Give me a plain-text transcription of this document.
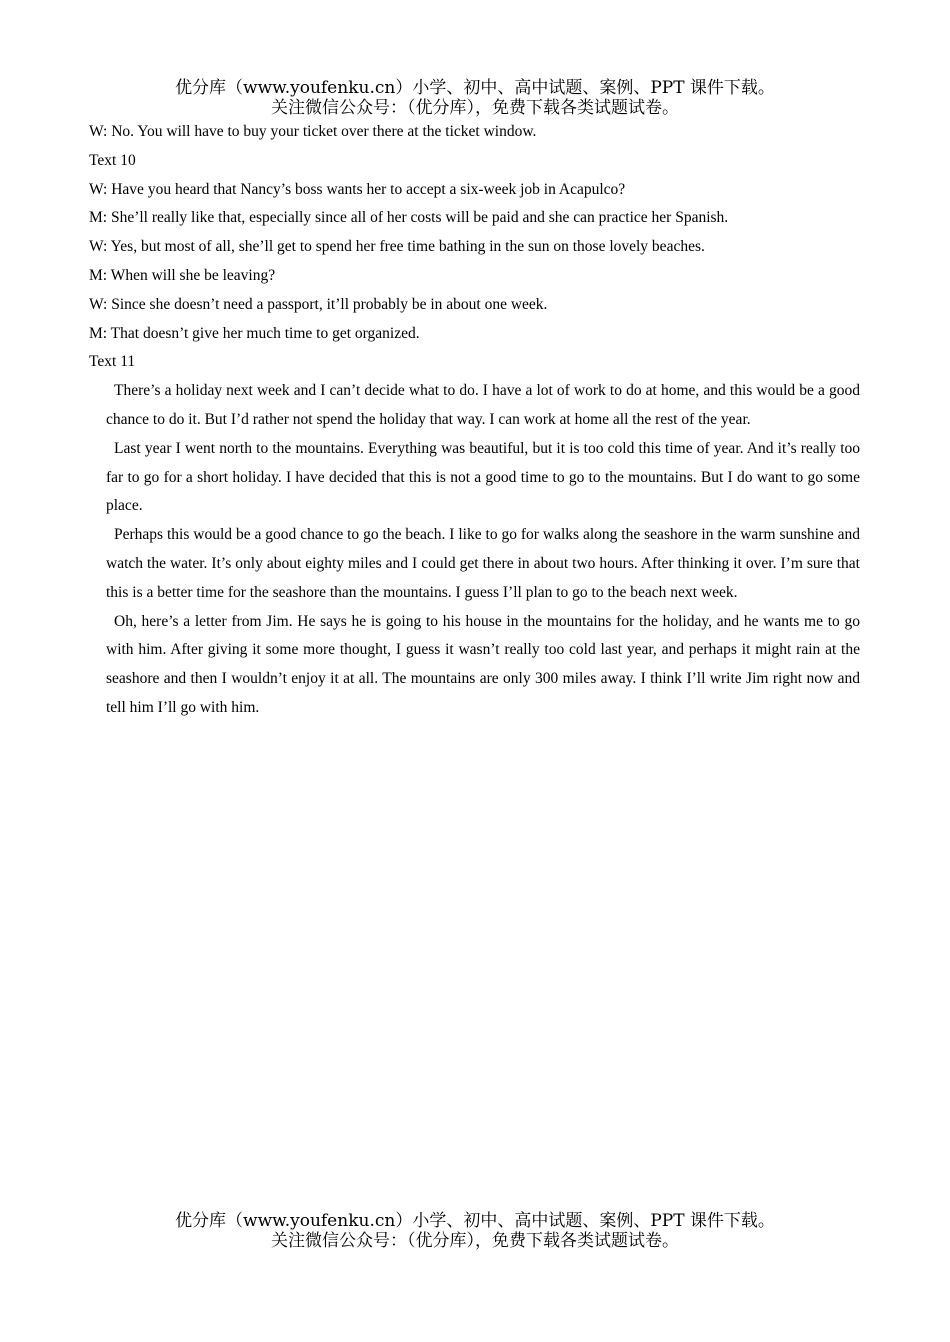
优分库（www.youfenku.cn）小学、初中、高中试题、案例、PPT 课件下载。
关注微信公众号：（优分库），免费下载各类试题试卷。
W: No. You will have to buy your ticket over there at the ticket window.
Text 10
W: Have you heard that Nancy’s boss wants her to accept a six-week job in Acapulco?
M: She’ll really like that, especially since all of her costs will be paid and she can practice her Spanish.
W: Yes, but most of all, she’ll get to spend her free time bathing in the sun on those lovely beaches.
M: When will she be leaving?
W: Since she doesn’t need a passport, it’ll probably be in about one week.
M: That doesn’t give her much time to get organized.
Text 11
There’s a holiday next week and I can’t decide what to do. I have a lot of work to do at home, and this would be a good chance to do it. But I’d rather not spend the holiday that way. I can work at home all the rest of the year.
Last year I went north to the mountains. Everything was beautiful, but it is too cold this time of year. And it’s really too far to go for a short holiday. I have decided that this is not a good time to go to the mountains. But I do want to go some place.
Perhaps this would be a good chance to go the beach. I like to go for walks along the seashore in the warm sunshine and watch the water. It’s only about eighty miles and I could get there in about two hours. After thinking it over. I’m sure that this is a better time for the seashore than the mountains. I guess I’ll plan to go to the beach next week.
Oh, here’s a letter from Jim. He says he is going to his house in the mountains for the holiday, and he wants me to go with him. After giving it some more thought, I guess it wasn’t really too cold last year, and perhaps it might rain at the seashore and then I wouldn’t enjoy it at all. The mountains are only 300 miles away. I think I’ll write Jim right now and tell him I’ll go with him.
优分库（www.youfenku.cn）小学、初中、高中试题、案例、PPT 课件下载。
关注微信公众号：（优分库），免费下载各类试题试卷。
